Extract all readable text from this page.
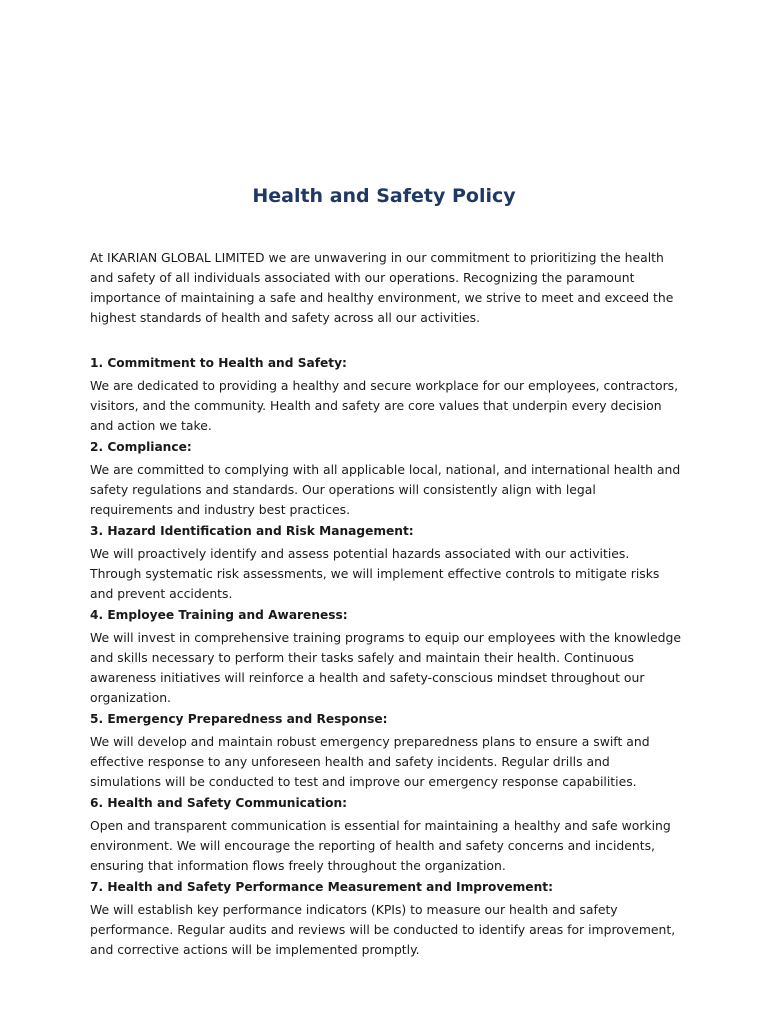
Health and Safety Policy

At IKARIAN GLOBAL LIMITED we are unwavering in our commitment to prioritizing the health and safety of all individuals associated with our operations. Recognizing the paramount importance of maintaining a safe and healthy environment, we strive to meet and exceed the highest standards of health and safety across all our activities.

1. Commitment to Health and Safety:

We are dedicated to providing a healthy and secure workplace for our employees, contractors, visitors, and the community. Health and safety are core values that underpin every decision and action we take.

2. Compliance:

We are committed to complying with all applicable local, national, and international health and safety regulations and standards. Our operations will consistently align with legal requirements and industry best practices.

3. Hazard Identification and Risk Management:

We will proactively identify and assess potential hazards associated with our activities. Through systematic risk assessments, we will implement effective controls to mitigate risks and prevent accidents.

4. Employee Training and Awareness:

We will invest in comprehensive training programs to equip our employees with the knowledge and skills necessary to perform their tasks safely and maintain their health. Continuous awareness initiatives will reinforce a health and safety-conscious mindset throughout our organization.

5. Emergency Preparedness and Response:

We will develop and maintain robust emergency preparedness plans to ensure a swift and effective response to any unforeseen health and safety incidents. Regular drills and simulations will be conducted to test and improve our emergency response capabilities.

6. Health and Safety Communication:

Open and transparent communication is essential for maintaining a healthy and safe working environment. We will encourage the reporting of health and safety concerns and incidents, ensuring that information flows freely throughout the organization.

7. Health and Safety Performance Measurement and Improvement:

We will establish key performance indicators (KPIs) to measure our health and safety performance. Regular audits and reviews will be conducted to identify areas for improvement, and corrective actions will be implemented promptly.
